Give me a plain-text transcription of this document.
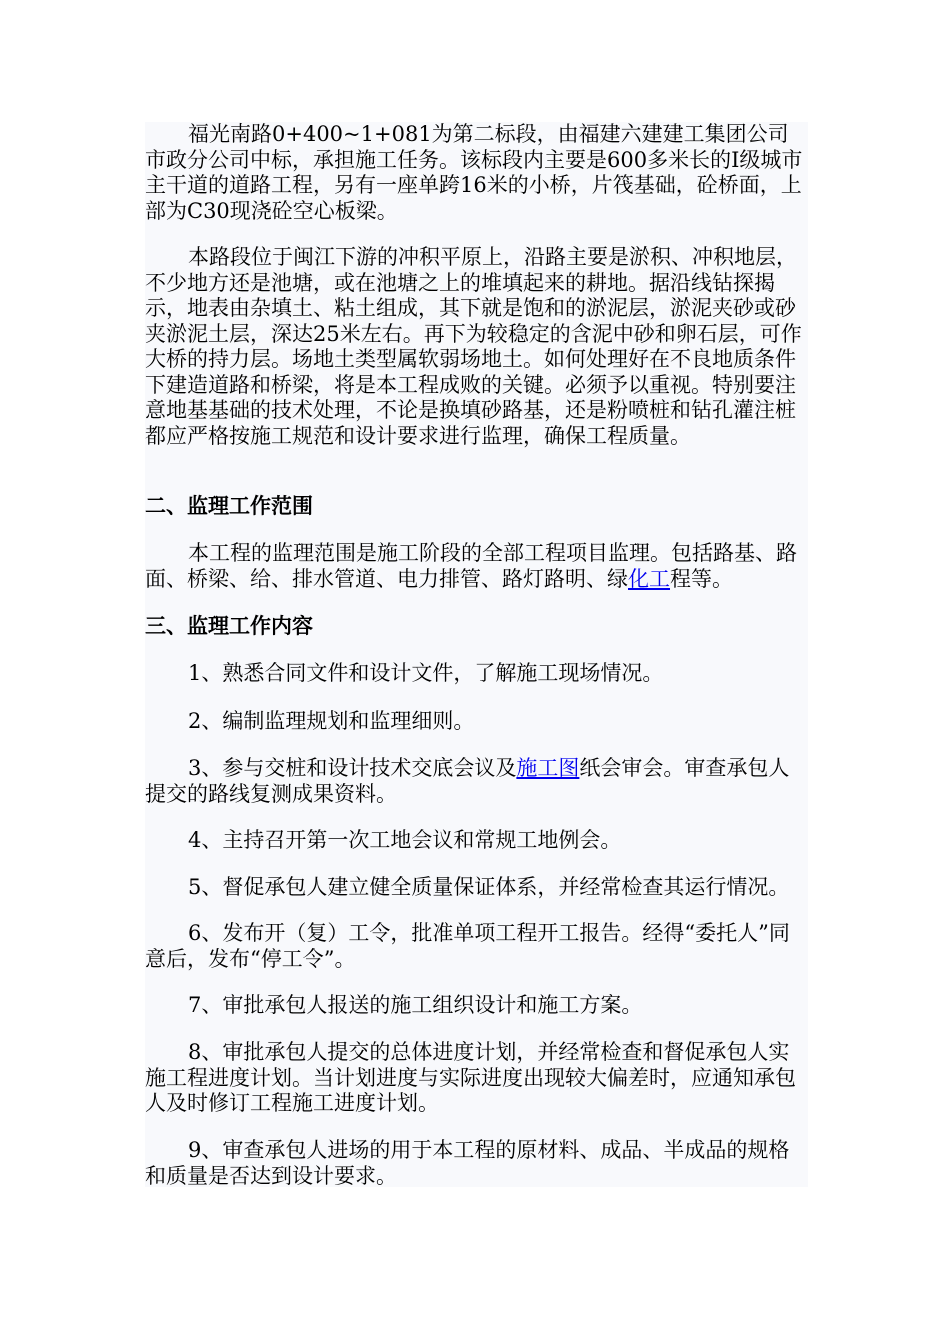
福光南路0+400~1+081为第二标段，由福建六建建工集团公司市政分公司中标，承担施工任务。该标段内主要是600多米长的Ⅰ级城市主干道的道路工程，另有一座单跨16米的小桥，片筏基础，砼桥面，上部为C30现浇砼空心板梁。

本路段位于闽江下游的冲积平原上，沿路主要是淤积、冲积地层，不少地方还是池塘，或在池塘之上的堆填起来的耕地。据沿线钻探揭示，地表由杂填土、粘土组成，其下就是饱和的淤泥层，淤泥夹砂或砂夹淤泥土层，深达25米左右。再下为较稳定的含泥中砂和卵石层，可作大桥的持力层。场地土类型属软弱场地土。如何处理好在不良地质条件下建造道路和桥梁，将是本工程成败的关键。必须予以重视。特别要注意地基基础的技术处理，不论是换填砂路基，还是粉喷桩和钻孔灌注桩都应严格按施工规范和设计要求进行监理，确保工程质量。

二、监理工作范围

本工程的监理范围是施工阶段的全部工程项目监理。包括路基、路面、桥梁、给、排水管道、电力排管、路灯路明、绿化工程等。

三、监理工作内容

1、熟悉合同文件和设计文件，了解施工现场情况。

2、编制监理规划和监理细则。

3、参与交桩和设计技术交底会议及施工图纸会审会。审查承包人提交的路线复测成果资料。

4、主持召开第一次工地会议和常规工地例会。

5、督促承包人建立健全质量保证体系，并经常检查其运行情况。

6、发布开（复）工令，批准单项工程开工报告。经得“委托人”同意后，发布“停工令”。

7、审批承包人报送的施工组织设计和施工方案。

8、审批承包人提交的总体进度计划，并经常检查和督促承包人实施工程进度计划。当计划进度与实际进度出现较大偏差时，应通知承包人及时修订工程施工进度计划。

9、审查承包人进场的用于本工程的原材料、成品、半成品的规格和质量是否达到设计要求。
